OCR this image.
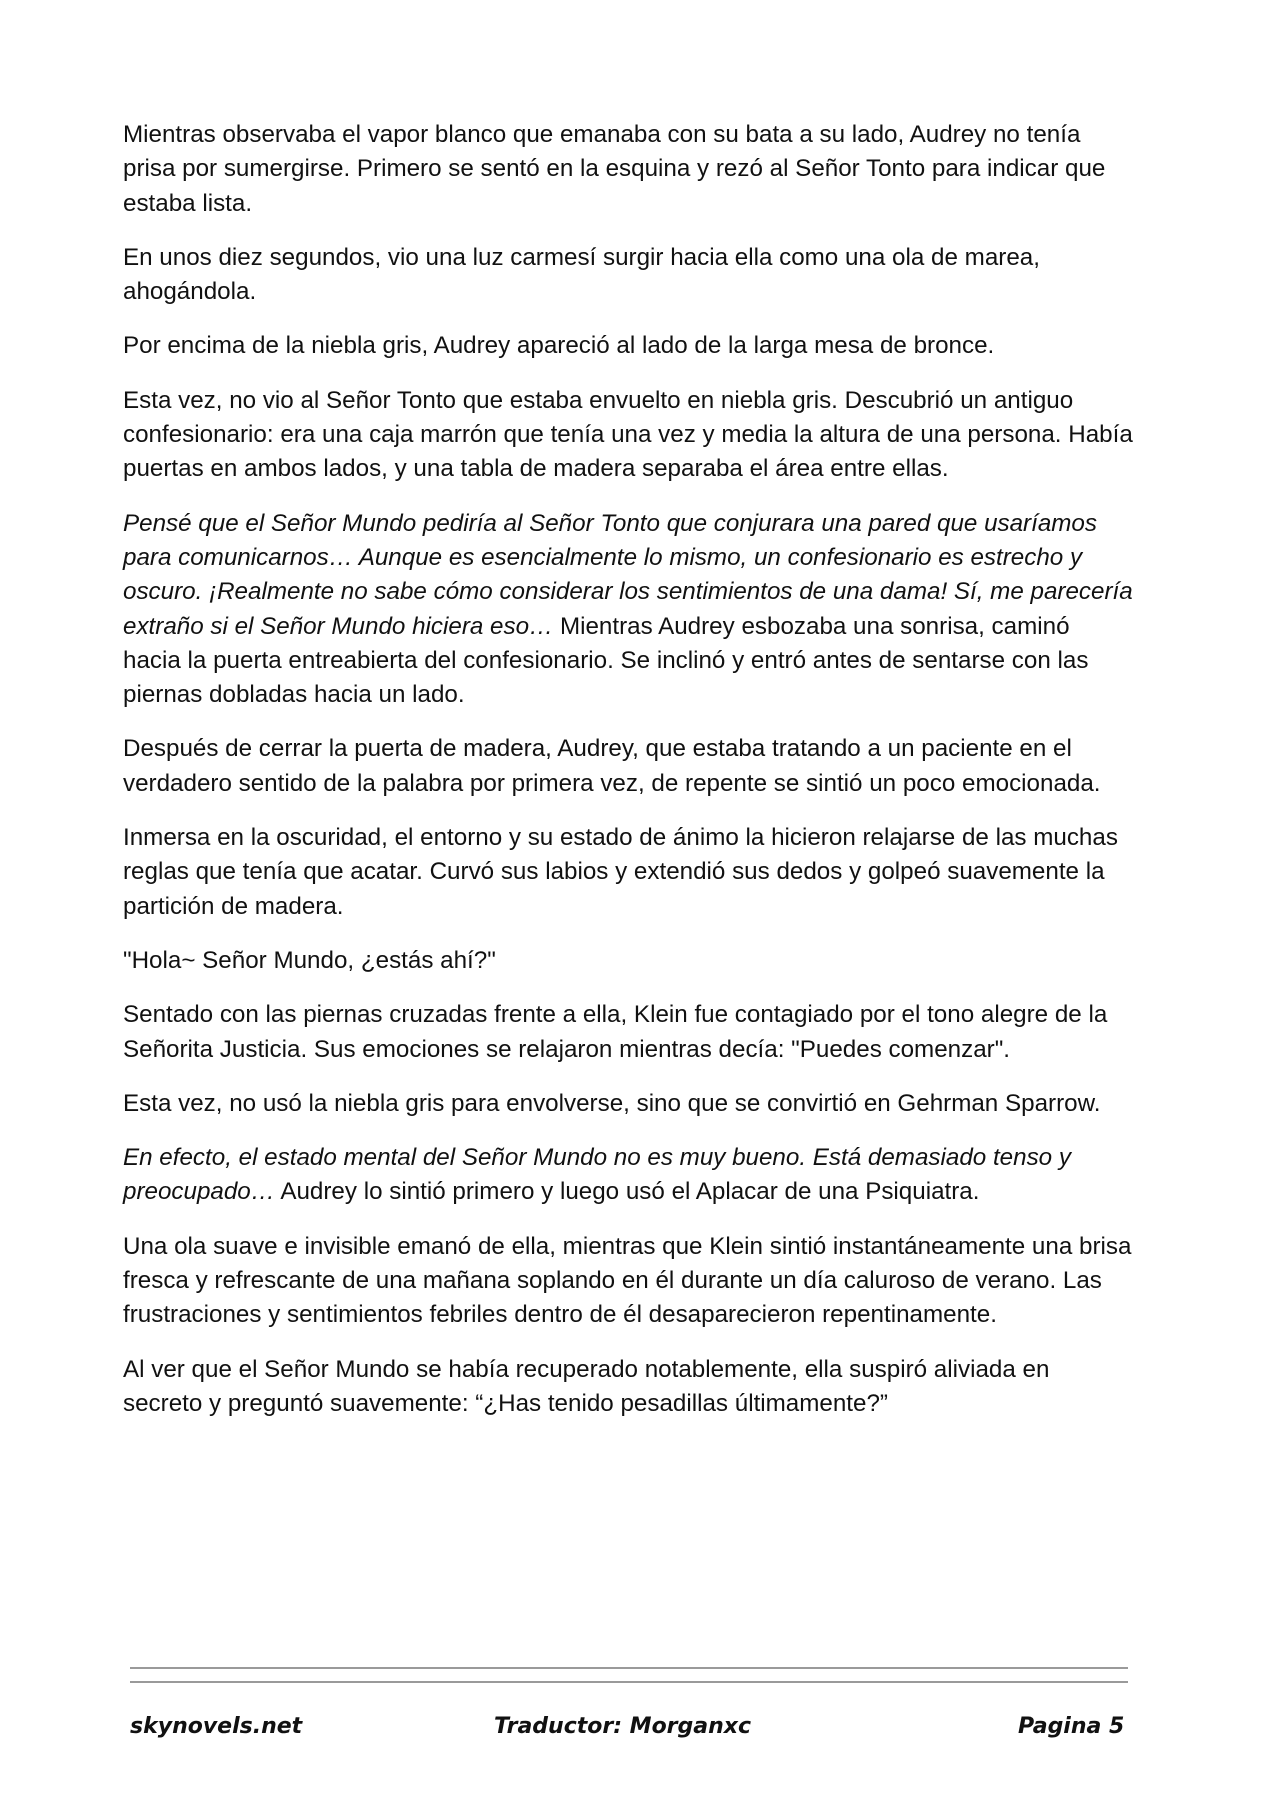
Mientras observaba el vapor blanco que emanaba con su bata a su lado, Audrey no tenía prisa por sumergirse. Primero se sentó en la esquina y rezó al Señor Tonto para indicar que estaba lista.

En unos diez segundos, vio una luz carmesí surgir hacia ella como una ola de marea, ahogándola.

Por encima de la niebla gris, Audrey apareció al lado de la larga mesa de bronce.

Esta vez, no vio al Señor Tonto que estaba envuelto en niebla gris. Descubrió un antiguo confesionario: era una caja marrón que tenía una vez y media la altura de una persona. Había puertas en ambos lados, y una tabla de madera separaba el área entre ellas.

Pensé que el Señor Mundo pediría al Señor Tonto que conjurara una pared que usaríamos para comunicarnos… Aunque es esencialmente lo mismo, un confesionario es estrecho y oscuro. ¡Realmente no sabe cómo considerar los sentimientos de una dama! Sí, me parecería extraño si el Señor Mundo hiciera eso… Mientras Audrey esbozaba una sonrisa, caminó hacia la puerta entreabierta del confesionario. Se inclinó y entró antes de sentarse con las piernas dobladas hacia un lado.

Después de cerrar la puerta de madera, Audrey, que estaba tratando a un paciente en el verdadero sentido de la palabra por primera vez, de repente se sintió un poco emocionada.

Inmersa en la oscuridad, el entorno y su estado de ánimo la hicieron relajarse de las muchas reglas que tenía que acatar. Curvó sus labios y extendió sus dedos y golpeó suavemente la partición de madera.

"Hola~ Señor Mundo, ¿estás ahí?"

Sentado con las piernas cruzadas frente a ella, Klein fue contagiado por el tono alegre de la Señorita Justicia. Sus emociones se relajaron mientras decía: "Puedes comenzar".

Esta vez, no usó la niebla gris para envolverse, sino que se convirtió en Gehrman Sparrow.

En efecto, el estado mental del Señor Mundo no es muy bueno. Está demasiado tenso y preocupado… Audrey lo sintió primero y luego usó el Aplacar de una Psiquiatra.

Una ola suave e invisible emanó de ella, mientras que Klein sintió instantáneamente una brisa fresca y refrescante de una mañana soplando en él durante un día caluroso de verano. Las frustraciones y sentimientos febriles dentro de él desaparecieron repentinamente.

Al ver que el Señor Mundo se había recuperado notablemente, ella suspiró aliviada en secreto y preguntó suavemente: “¿Has tenido pesadillas últimamente?”

skynovels.net	Traductor: Morganxc	Pagina 5
